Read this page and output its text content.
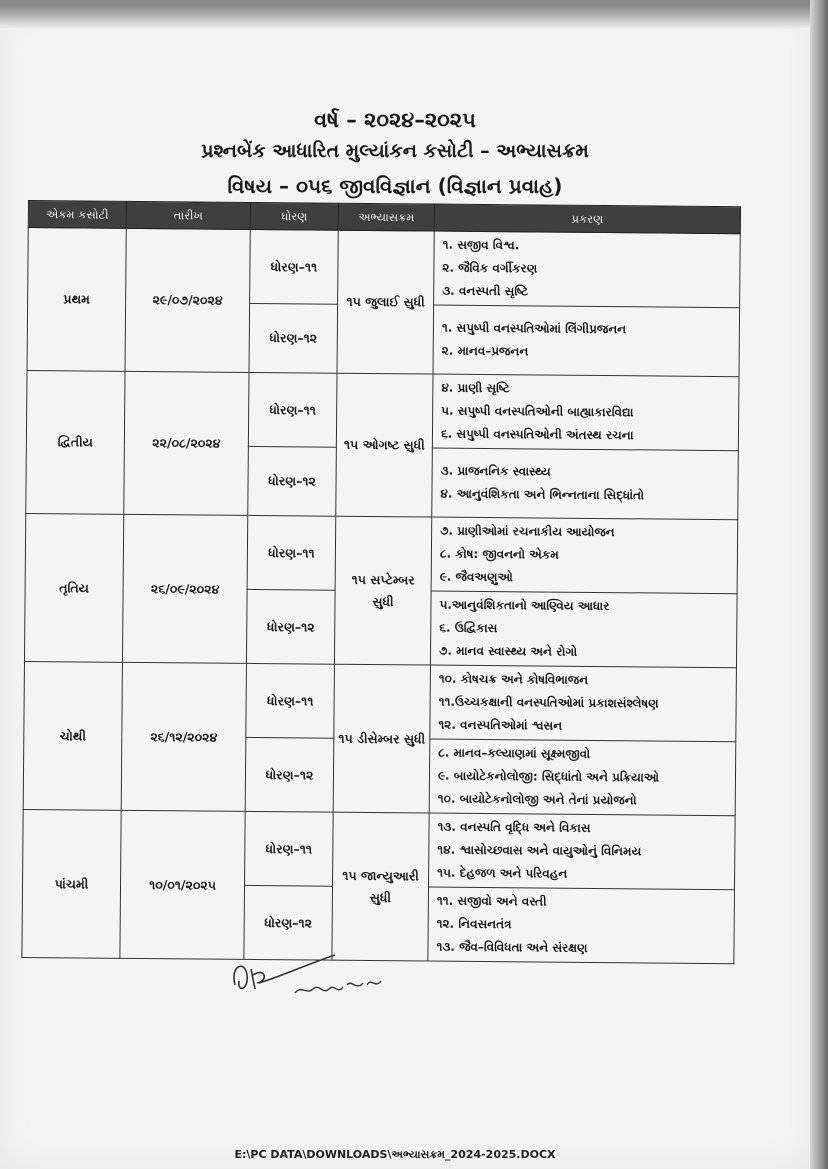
વર્ષ – ૨૦૨૪–૨૦૨૫
પ્રશ્નબેંક આધારિત મુલ્યાંકન કસોટી – અભ્યાસક્રમ
વિષય – ૦૫૬ જીવવિજ્ઞાન (વિજ્ઞાન પ્રવાહ)
એકમ કસોટી	તારીખ	ધોરણ	અભ્યાસક્રમ	પ્રકરણ
પ્રથમ	૨૯/૦૭/૨૦૨૪	ધોરણ–૧૧	૧૫ જુલાઈ સુધી	૧. સજીવ વિશ્વ.
૨. જૈવિક વર્ગીકરણ
૩. વનસ્પતી સૃષ્ટિ

		ધોરણ–૧૨		૧. સપુષ્પી વનસ્પતિઓમાં લિંગીપ્રજનન
૨. માનવ–પ્રજનન

દ્વિતીય	૨૨/૦૮/૨૦૨૪	ધોરણ–૧૧	૧૫ ઓગષ્ટ સુધી	૪. પ્રાણી સૃષ્ટિ
૫. સપુષ્પી વનસ્પતિઓની બાહ્યાકારવિદ્યા
૬. સપુષ્પી વનસ્પતિઓની અંતસ્થ રચના

		ધોરણ–૧૨		૩. પ્રાજનનિક સ્વાસ્થ્ય
૪. આનુવંશિકતા અને ભિન્નતાના સિદ્ધાંતો

તૃતિય	૨૬/૦૯/૨૦૨૪	ધોરણ–૧૧	૧૫ સપ્ટેમ્બર સુધી	૭. પ્રાણીઓમાં રચનાકીય આયોજન
૮. કોષ: જીવનનો એકમ
૯. જૈવઅણુઓ

		ધોરણ–૧૨		૫.આનુવંશિકતાનો આણ્વિય આધાર
૬. ઉદ્વિકાસ
૭. માનવ સ્વાસ્થ્ય અને રોગો

ચોથી	૨૬/૧૨/૨૦૨૪	ધોરણ–૧૧	૧૫ ડીસેમ્બર સુધી	૧૦. કોષચક્ર અને કોષવિભાજન
૧૧.ઉચ્ચકક્ષાની વનસ્પતિઓમાં પ્રકાશસંશ્લેષણ
૧૨. વનસ્પતિઓમાં શ્વસન

		ધોરણ–૧૨		૮. માનવ–કલ્યાણમાં સૂક્ષ્મજીવો
૯. બાયોટેકનોલોજી: સિદ્ધાંતો અને પ્રક્રિયાઓ
૧૦. બાયોટેકનોલોજી અને તેનાં પ્રયોજનો

પાંચમી	૧૦/૦૧/૨૦૨૫	ધોરણ–૧૧	૧૫ જાન્યુઆરી સુધી	૧૩. વનસ્પતિ વૃદ્ધિ અને વિકાસ
૧૪. શ્વાસોચ્છવાસ અને વાયુઓનું વિનિમય
૧૫. દેહજળ અને પરિવહન

		ધોરણ–૧૨		૧૧. સજીવો અને વસ્તી
૧૨. નિવસનતંત્ર
૧૩. જૈવ–વિવિધતા અને સંરક્ષણ
E:\PC DATA\DOWNLOADS\અભ્યાસક્રમ_2024-2025.DOCX
